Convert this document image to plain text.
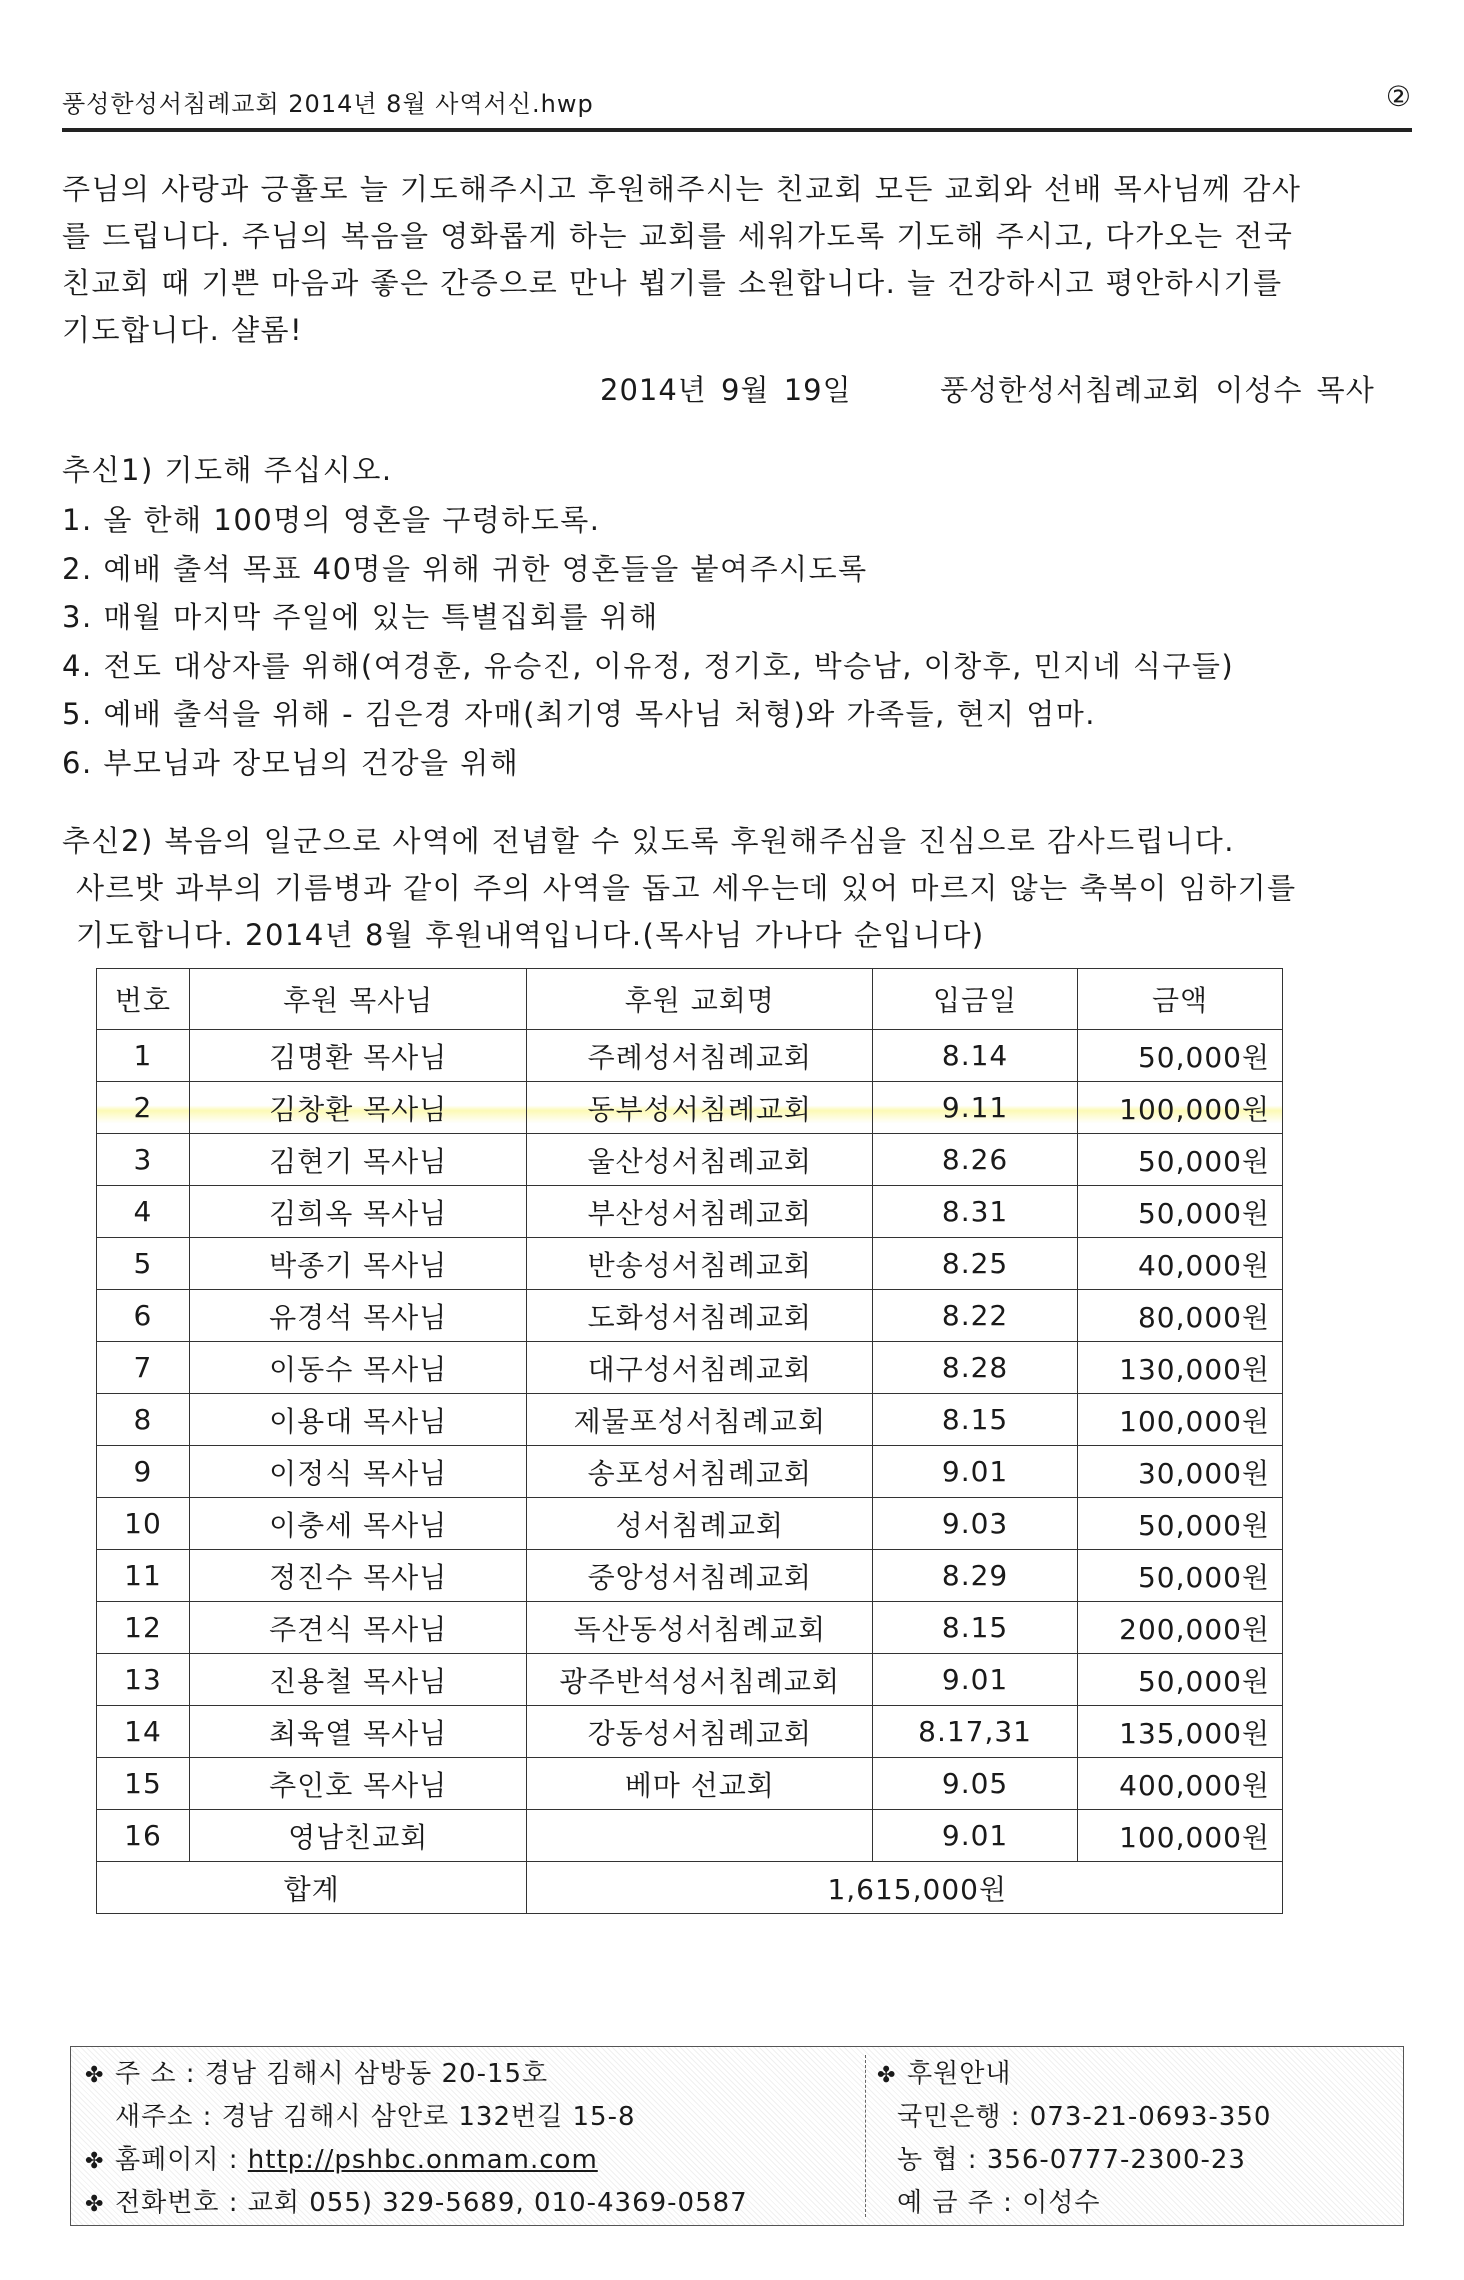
풍성한성서침례교회 2014년 8월 사역서신.hwp	②
주님의 사랑과 긍휼로 늘 기도해주시고 후원해주시는 친교회 모든 교회와 선배 목사님께 감사
를 드립니다. 주님의 복음을 영화롭게 하는 교회를 세워가도록 기도해 주시고, 다가오는 전국
친교회 때 기쁜 마음과 좋은 간증으로 만나 뵙기를 소원합니다. 늘 건강하시고 평안하시기를
기도합니다. 샬롬!
2014년 9월 19일	풍성한성서침례교회 이성수 목사
추신1) 기도해 주십시오.
1. 올 한해 100명의 영혼을 구령하도록.
2. 예배 출석 목표 40명을 위해 귀한 영혼들을 붙여주시도록
3. 매월 마지막 주일에 있는 특별집회를 위해
4. 전도 대상자를 위해(여경훈, 유승진, 이유정, 정기호, 박승남, 이창후, 민지네 식구들)
5. 예배 출석을 위해 - 김은경 자매(최기영 목사님 처형)와 가족들, 현지 엄마.
6. 부모님과 장모님의 건강을 위해
추신2) 복음의 일군으로 사역에 전념할 수 있도록 후원해주심을 진심으로 감사드립니다.
사르밧 과부의 기름병과 같이 주의 사역을 돕고 세우는데 있어 마르지 않는 축복이 임하기를
기도합니다. 2014년 8월 후원내역입니다.(목사님 가나다 순입니다)
번호	후원 목사님	후원 교회명	입금일	금액
1	김명환 목사님	주례성서침례교회	8.14	50,000원
2	김창환 목사님	동부성서침례교회	9.11	100,000원
3	김현기 목사님	울산성서침례교회	8.26	50,000원
4	김희옥 목사님	부산성서침례교회	8.31	50,000원
5	박종기 목사님	반송성서침례교회	8.25	40,000원
6	유경석 목사님	도화성서침례교회	8.22	80,000원
7	이동수 목사님	대구성서침례교회	8.28	130,000원
8	이용대 목사님	제물포성서침례교회	8.15	100,000원
9	이정식 목사님	송포성서침례교회	9.01	30,000원
10	이충세 목사님	성서침례교회	9.03	50,000원
11	정진수 목사님	중앙성서침례교회	8.29	50,000원
12	주견식 목사님	독산동성서침례교회	8.15	200,000원
13	진용철 목사님	광주반석성서침례교회	9.01	50,000원
14	최육열 목사님	강동성서침례교회	8.17,31	135,000원
15	추인호 목사님	베마 선교회	9.05	400,000원
16	영남친교회		9.01	100,000원
합계		1,615,000원		
✤ 주 소 : 경남 김해시 삼방동 20-15호
새주소 : 경남 김해시 삼안로 132번길 15-8
✤ 홈페이지 : http://pshbc.onmam.com
✤ 전화번호 : 교회 055) 329-5689, 010-4369-0587
✤ 후원안내
국민은행 : 073-21-0693-350
농 협 : 356-0777-2300-23
예 금 주 : 이성수
